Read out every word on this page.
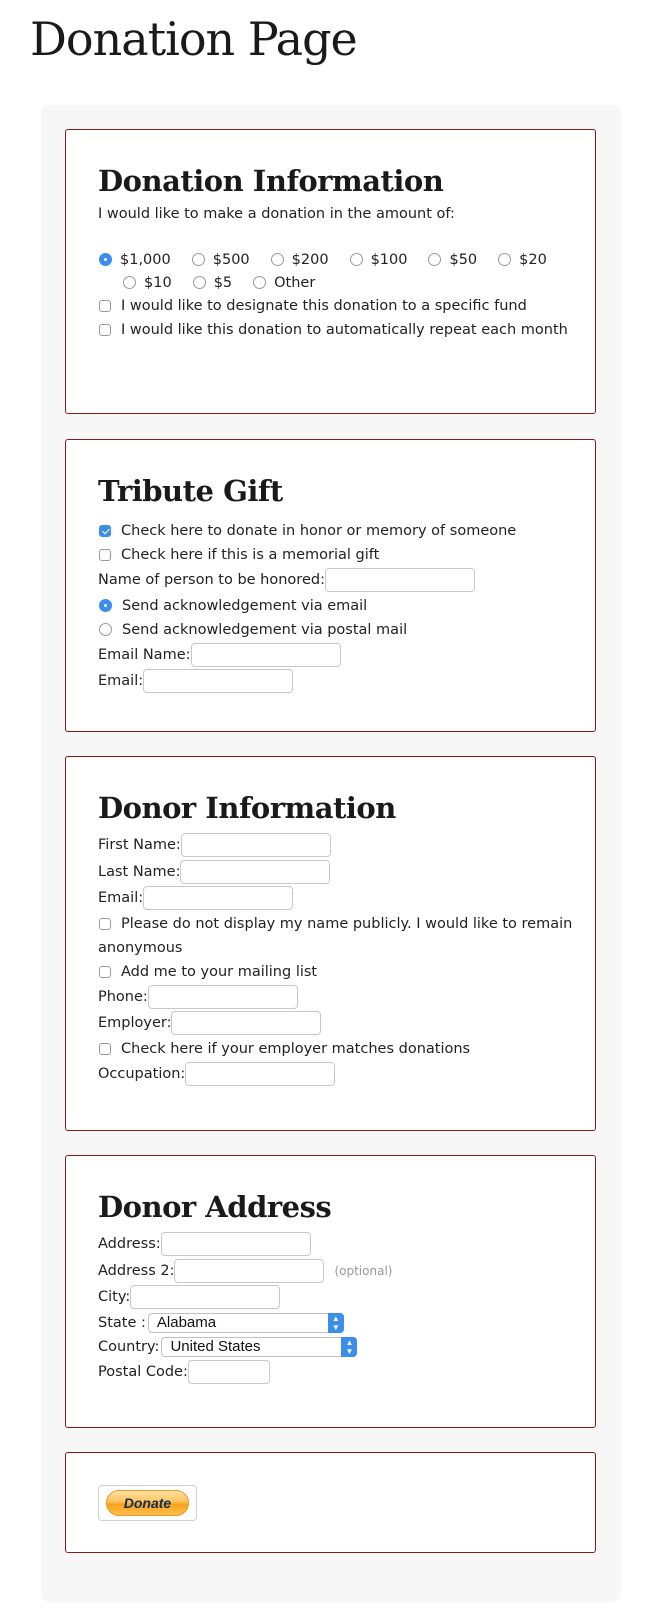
Donation Page
Donation Information
I would like to make a donation in the amount of:
$1,000	$500	$200	$100	$50	$20
$10	$5	Other
I would like to designate this donation to a specific fund
I would like this donation to automatically repeat each month
Tribute Gift
Check here to donate in honor or memory of someone
Check here if this is a memorial gift
Name of person to be honored:
Send acknowledgement via email
Send acknowledgement via postal mail
Email Name:
Email:
Donor Information
First Name:
Last Name:
Email:
Please do not display my name publicly. I would like to remain
anonymous
Add me to your mailing list
Phone:
Employer:
Check here if your employer matches donations
Occupation:
Donor Address
Address:
Address 2:	(optional)
City:
State : Alabama	▲
▼
Country: United States	▲
▼
Postal Code:
Donate
